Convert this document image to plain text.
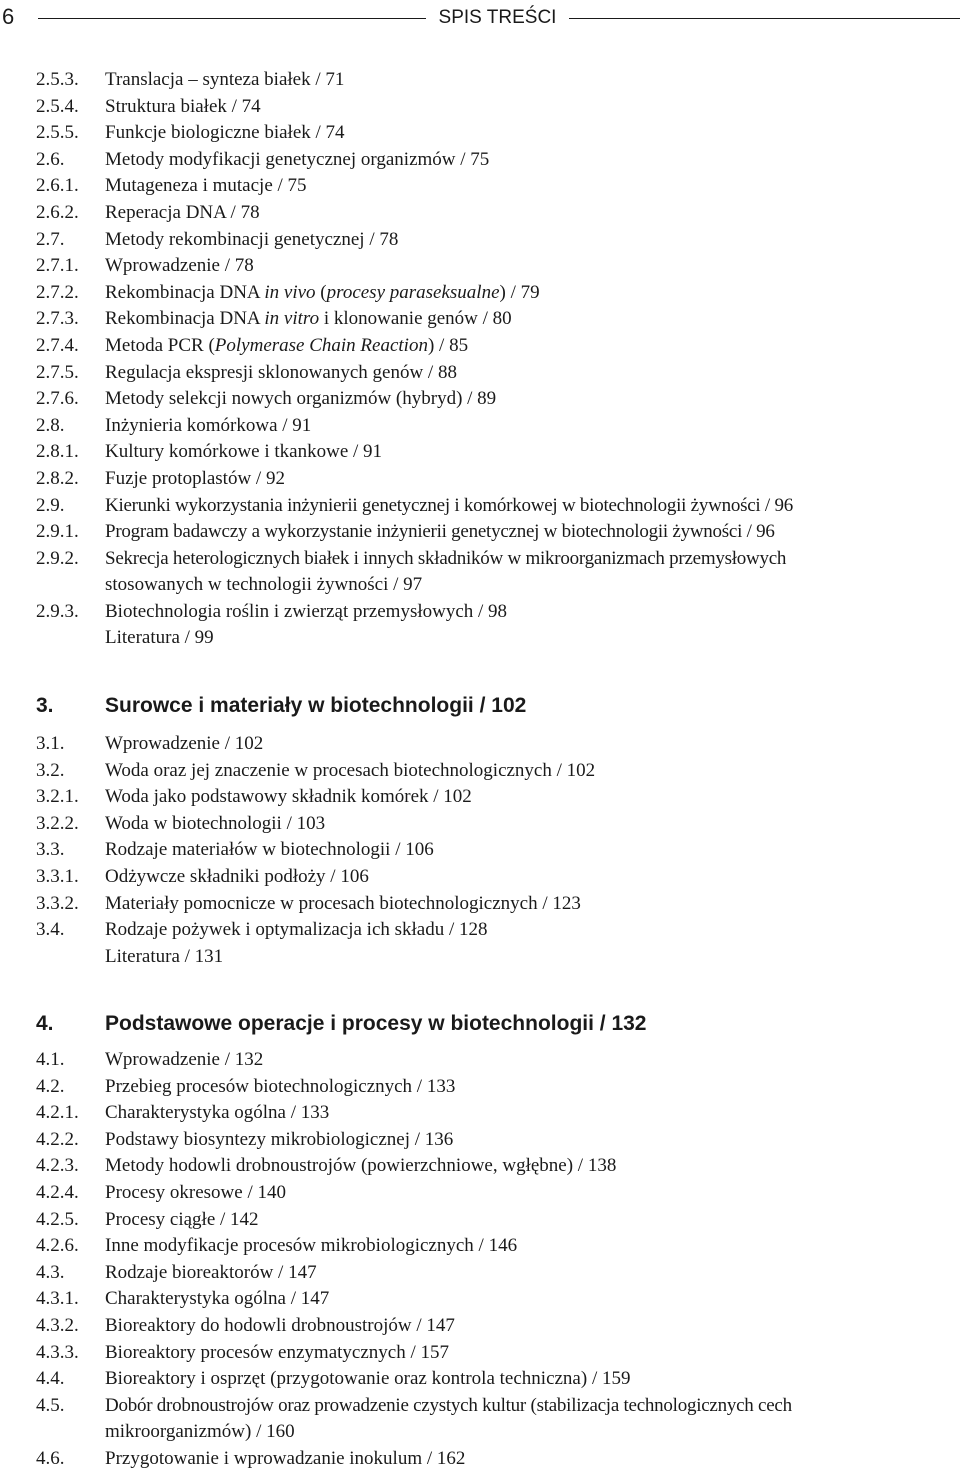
6	SPIS TREŚCI
2.5.3. Translacja – synteza białek / 71
2.5.4. Struktura białek / 74
2.5.5. Funkcje biologiczne białek / 74
2.6. Metody modyfikacji genetycznej organizmów / 75
2.6.1. Mutageneza i mutacje / 75
2.6.2. Reperacja DNA / 78
2.7. Metody rekombinacji genetycznej / 78
2.7.1. Wprowadzenie / 78
2.7.2. Rekombinacja DNA in vivo (procesy paraseksualne) / 79
2.7.3. Rekombinacja DNA in vitro i klonowanie genów / 80
2.7.4. Metoda PCR (Polymerase Chain Reaction) / 85
2.7.5. Regulacja ekspresji sklonowanych genów / 88
2.7.6. Metody selekcji nowych organizmów (hybryd) / 89
2.8. Inżynieria komórkowa / 91
2.8.1. Kultury komórkowe i tkankowe / 91
2.8.2. Fuzje protoplastów / 92
2.9. Kierunki wykorzystania inżynierii genetycznej i komórkowej w biotechnologii żywności / 96
2.9.1. Program badawczy a wykorzystanie inżynierii genetycznej w biotechnologii żywności / 96
2.9.2. Sekrecja heterologicznych białek i innych składników w mikroorganizmach przemysłowych
stosowanych w technologii żywności / 97
2.9.3. Biotechnologia roślin i zwierząt przemysłowych / 98
Literatura / 99
3. Surowce i materiały w biotechnologii / 102
3.1. Wprowadzenie / 102
3.2. Woda oraz jej znaczenie w procesach biotechnologicznych / 102
3.2.1. Woda jako podstawowy składnik komórek / 102
3.2.2. Woda w biotechnologii / 103
3.3. Rodzaje materiałów w biotechnologii / 106
3.3.1. Odżywcze składniki podłoży / 106
3.3.2. Materiały pomocnicze w procesach biotechnologicznych / 123
3.4. Rodzaje pożywek i optymalizacja ich składu / 128
Literatura / 131
4. Podstawowe operacje i procesy w biotechnologii / 132
4.1. Wprowadzenie / 132
4.2. Przebieg procesów biotechnologicznych / 133
4.2.1. Charakterystyka ogólna / 133
4.2.2. Podstawy biosyntezy mikrobiologicznej / 136
4.2.3. Metody hodowli drobnoustrojów (powierzchniowe, wgłębne) / 138
4.2.4. Procesy okresowe / 140
4.2.5. Procesy ciągłe / 142
4.2.6. Inne modyfikacje procesów mikrobiologicznych / 146
4.3. Rodzaje bioreaktorów / 147
4.3.1. Charakterystyka ogólna / 147
4.3.2. Bioreaktory do hodowli drobnoustrojów / 147
4.3.3. Bioreaktory procesów enzymatycznych / 157
4.4. Bioreaktory i osprzęt (przygotowanie oraz kontrola techniczna) / 159
4.5. Dobór drobnoustrojów oraz prowadzenie czystych kultur (stabilizacja technologicznych cech
mikroorganizmów) / 160
4.6. Przygotowanie i wprowadzanie inokulum / 162
